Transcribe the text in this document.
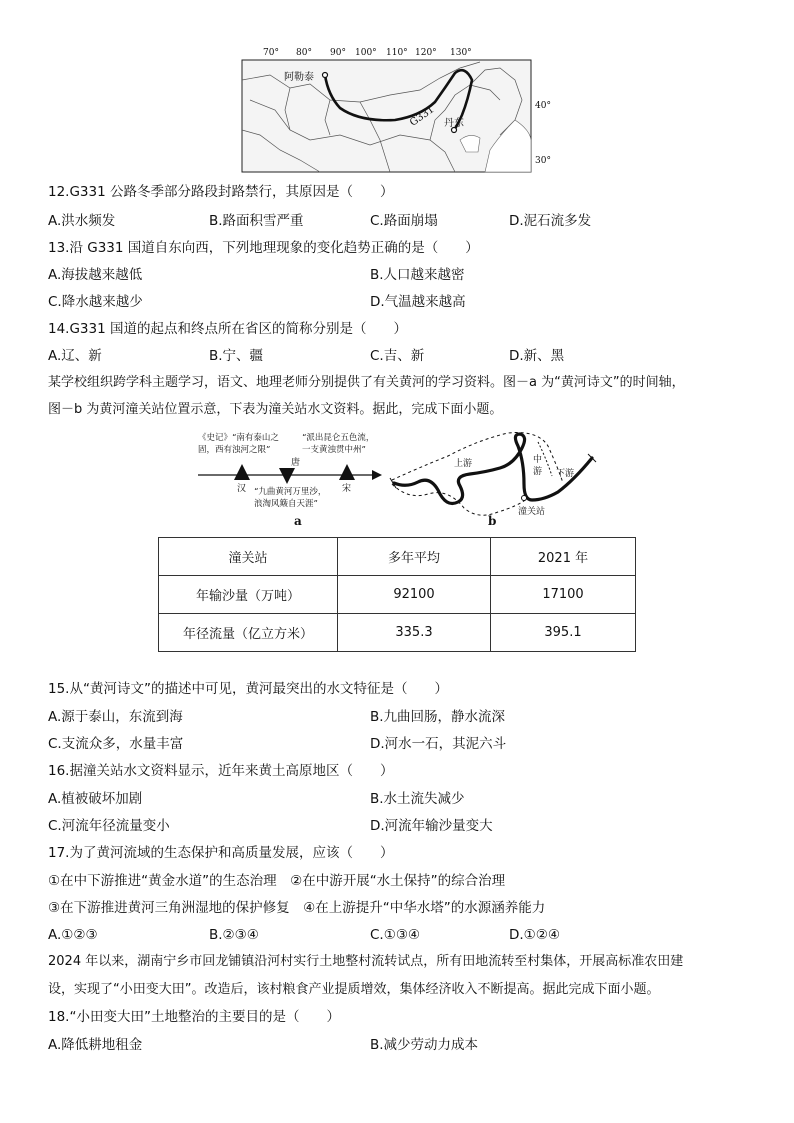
70° 80° 90° 100° 110° 120° 130°
40°
30°
阿勒泰
丹东
G331
12.G331 公路冬季部分路段封路禁行，其原因是（　　）
A.洪水频发	B.路面积雪严重	C.路面崩塌	D.泥石流多发
13.沿 G331 国道自东向西，下列地理现象的变化趋势正确的是（　　）
A.海拔越来越低	B.人口越来越密
C.降水越来越少	D.气温越来越高
14.G331 国道的起点和终点所在省区的简称分别是（　　）
A.辽、新	B.宁、疆	C.吉、新	D.新、黑
某学校组织跨学科主题学习，语文、地理老师分别提供了有关黄河的学习资料。图－a 为“黄河诗文”的时间轴，
图－b 为黄河潼关站位置示意，下表为潼关站水文资料。据此，完成下面小题。
《史记》“南有泰山之
固，西有浊河之限”
“派出昆仑五色流，
一支黄浊贯中州”
“九曲黄河万里沙，
浪淘风簸自天涯”
汉
唐
宋
a
上游	中
游 下游
潼关站
b
潼关站	多年平均	2021 年
年输沙量（万吨）	92100	17100
年径流量（亿立方米）	335.3	395.1
15.从“黄河诗文”的描述中可见，黄河最突出的水文特征是（　　）
A.源于泰山，东流到海	B.九曲回肠，静水流深
C.支流众多，水量丰富	D.河水一石，其泥六斗
16.据潼关站水文资料显示，近年来黄土高原地区（　　）
A.植被破坏加剧	B.水土流失减少
C.河流年径流量变小	D.河流年输沙量变大
17.为了黄河流域的生态保护和高质量发展，应该（　　）
①在中下游推进“黄金水道”的生态治理　②在中游开展“水土保持”的综合治理
③在下游推进黄河三角洲湿地的保护修复　④在上游提升“中华水塔”的水源涵养能力
A.①②③	B.②③④	C.①③④	D.①②④
2024 年以来，湖南宁乡市回龙铺镇沿河村实行土地整村流转试点，所有田地流转至村集体，开展高标准农田建
设，实现了“小田变大田”。改造后，该村粮食产业提质增效，集体经济收入不断提高。据此完成下面小题。
18.“小田变大田”土地整治的主要目的是（　　）
A.降低耕地租金	B.减少劳动力成本
